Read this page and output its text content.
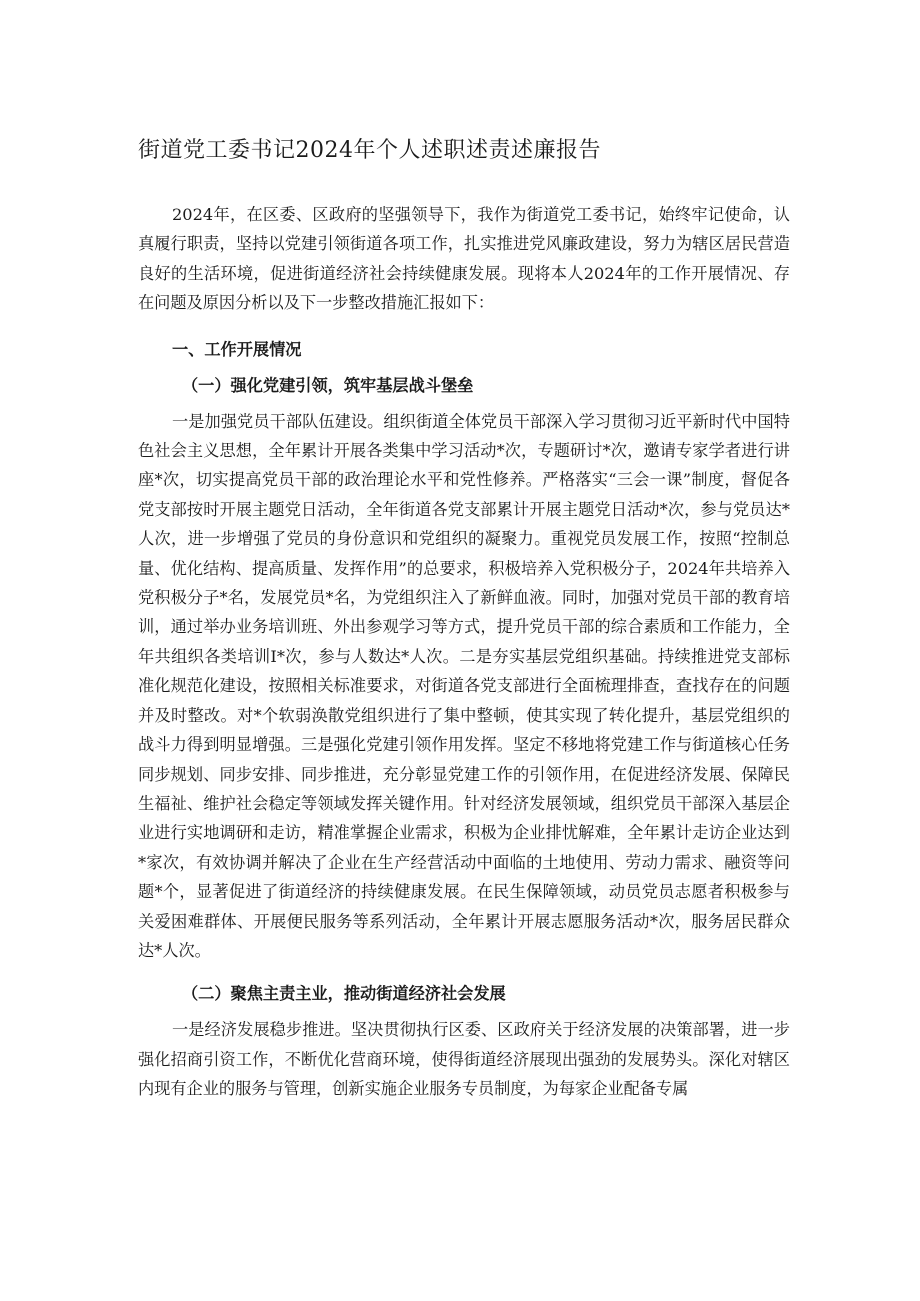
街道党工委书记2024年个人述职述责述廉报告

2024年，在区委、区政府的坚强领导下，我作为街道党工委书记，始终牢记使命，认真履行职责，坚持以党建引领街道各项工作，扎实推进党风廉政建设，努力为辖区居民营造良好的生活环境，促进街道经济社会持续健康发展。现将本人2024年的工作开展情况、存在问题及原因分析以及下一步整改措施汇报如下：

一、工作开展情况
（一）强化党建引领，筑牢基层战斗堡垒

一是加强党员干部队伍建设。组织街道全体党员干部深入学习贯彻习近平新时代中国特色社会主义思想，全年累计开展各类集中学习活动*次，专题研讨*次，邀请专家学者进行讲座*次，切实提高党员干部的政治理论水平和党性修养。严格落实“三会一课”制度，督促各党支部按时开展主题党日活动，全年街道各党支部累计开展主题党日活动*次，参与党员达*人次，进一步增强了党员的身份意识和党组织的凝聚力。重视党员发展工作，按照“控制总量、优化结构、提高质量、发挥作用”的总要求，积极培养入党积极分子，2024年共培养入党积极分子*名，发展党员*名，为党组织注入了新鲜血液。同时，加强对党员干部的教育培训，通过举办业务培训班、外出参观学习等方式，提升党员干部的综合素质和工作能力，全年共组织各类培训I*次，参与人数达*人次。二是夯实基层党组织基础。持续推进党支部标准化规范化建设，按照相关标准要求，对街道各党支部进行全面梳理排查，查找存在的问题并及时整改。对*个软弱涣散党组织进行了集中整顿，使其实现了转化提升，基层党组织的战斗力得到明显增强。三是强化党建引领作用发挥。坚定不移地将党建工作与街道核心任务同步规划、同步安排、同步推进，充分彰显党建工作的引领作用，在促进经济发展、保障民生福祉、维护社会稳定等领域发挥关键作用。针对经济发展领域，组织党员干部深入基层企业进行实地调研和走访，精准掌握企业需求，积极为企业排忧解难，全年累计走访企业达到*家次，有效协调并解决了企业在生产经营活动中面临的土地使用、劳动力需求、融资等问题*个，显著促进了街道经济的持续健康发展。在民生保障领域，动员党员志愿者积极参与关爱困难群体、开展便民服务等系列活动，全年累计开展志愿服务活动*次，服务居民群众达*人次。

（二）聚焦主责主业，推动街道经济社会发展

一是经济发展稳步推进。坚决贯彻执行区委、区政府关于经济发展的决策部署，进一步强化招商引资工作，不断优化营商环境，使得街道经济展现出强劲的发展势头。深化对辖区内现有企业的服务与管理，创新实施企业服务专员制度，为每家企业配备专属
